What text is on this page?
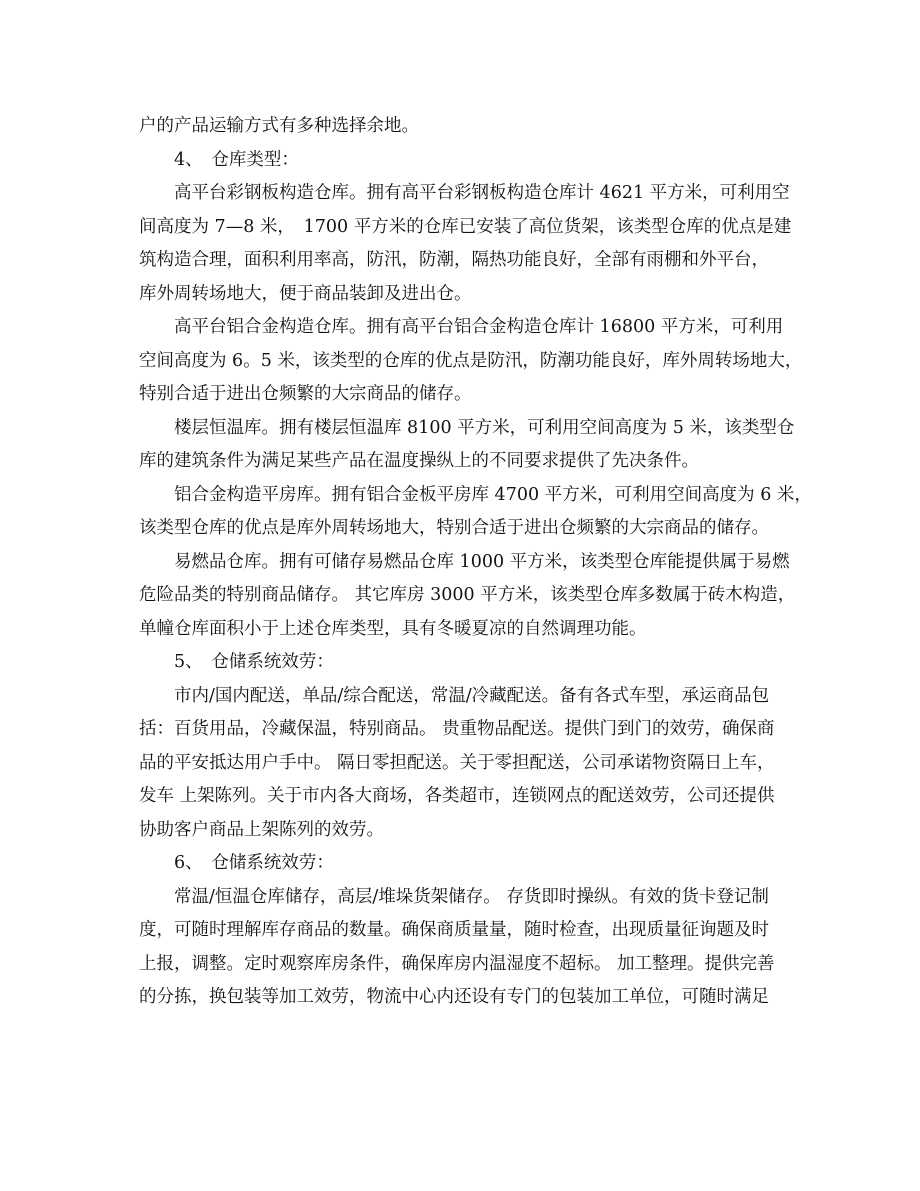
户的产品运输方式有多种选择余地。

4、　仓库类型：

高平台彩钢板构造仓库。拥有高平台彩钢板构造仓库计 4621 平方米，可利用空
间高度为 7—8 米，　1700 平方米的仓库已安装了高位货架，该类型仓库的优点是建
筑构造合理，面积利用率高，防汛，防潮，隔热功能良好，全部有雨棚和外平台，
库外周转场地大，便于商品装卸及进出仓。

高平台铝合金构造仓库。拥有高平台铝合金构造仓库计 16800 平方米，可利用
空间高度为 6。5 米，该类型的仓库的优点是防汛，防潮功能良好，库外周转场地大，
特别合适于进出仓频繁的大宗商品的储存。

楼层恒温库。拥有楼层恒温库 8100 平方米，可利用空间高度为 5 米，该类型仓
库的建筑条件为满足某些产品在温度操纵上的不同要求提供了先决条件。

铝合金构造平房库。拥有铝合金板平房库 4700 平方米，可利用空间高度为 6 米，
该类型仓库的优点是库外周转场地大，特别合适于进出仓频繁的大宗商品的储存。

易燃品仓库。拥有可储存易燃品仓库 1000 平方米，该类型仓库能提供属于易燃
危险品类的特别商品储存。 其它库房 3000 平方米，该类型仓库多数属于砖木构造，
单幢仓库面积小于上述仓库类型，具有冬暖夏凉的自然调理功能。

5、　仓储系统效劳：

市内/国内配送，单品/综合配送，常温/冷藏配送。备有各式车型，承运商品包
括：百货用品，冷藏保温，特别商品。 贵重物品配送。提供门到门的效劳，确保商
品的平安抵达用户手中。 隔日零担配送。关于零担配送，公司承诺物资隔日上车，
发车 上架陈列。关于市内各大商场，各类超市，连锁网点的配送效劳，公司还提供
协助客户商品上架陈列的效劳。

6、　仓储系统效劳：

常温/恒温仓库储存，高层/堆垛货架储存。 存货即时操纵。有效的货卡登记制
度，可随时理解库存商品的数量。确保商质量量，随时检查，出现质量征询题及时
上报，调整。定时观察库房条件，确保库房内温湿度不超标。 加工整理。提供完善
的分拣，换包装等加工效劳，物流中心内还设有专门的包装加工单位，可随时满足
